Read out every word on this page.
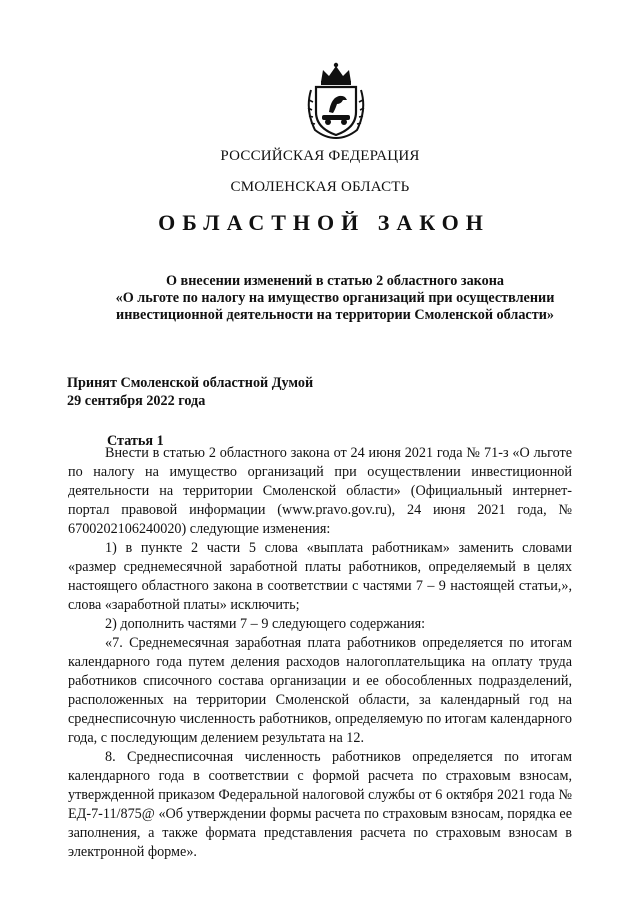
РОССИЙСКАЯ ФЕДЕРАЦИЯ
СМОЛЕНСКАЯ ОБЛАСТЬ
ОБЛАСТНОЙ ЗАКОН
О внесении изменений в статью 2 областного закона
«О льготе по налогу на имущество организаций при осуществлении
инвестиционной деятельности на территории Смоленской области»
Принят Смоленской областной Думой
29 сентября 2022 года
Статья 1

Внести в статью 2 областного закона от 24 июня 2021 года № 71-з «О льготе по налогу на имущество организаций при осуществлении инвестиционной деятельности на территории Смоленской области» (Официальный интернет-портал правовой информации (www.pravo.gov.ru), 24 июня 2021 года, № 6700202106240020) следующие изменения:

1) в пункте 2 части 5 слова «выплата работникам» заменить словами «размер среднемесячной заработной платы работников, определяемый в целях настоящего областного закона в соответствии с частями 7 – 9 настоящей статьи,», слова «заработной платы» исключить;

2) дополнить частями 7 – 9 следующего содержания:

«7. Среднемесячная заработная плата работников определяется по итогам календарного года путем деления расходов налогоплательщика на оплату труда работников списочного состава организации и ее обособленных подразделений, расположенных на территории Смоленской области, за календарный год на среднесписочную численность работников, определяемую по итогам календарного года, с последующим делением результата на 12.

8. Среднесписочная численность работников определяется по итогам календарного года в соответствии с формой расчета по страховым взносам, утвержденной приказом Федеральной налоговой службы от 6 октября 2021 года № ЕД-7-11/875@ «Об утверждении формы расчета по страховым взносам, порядка ее заполнения, а также формата представления расчета по страховым взносам в электронной форме».
